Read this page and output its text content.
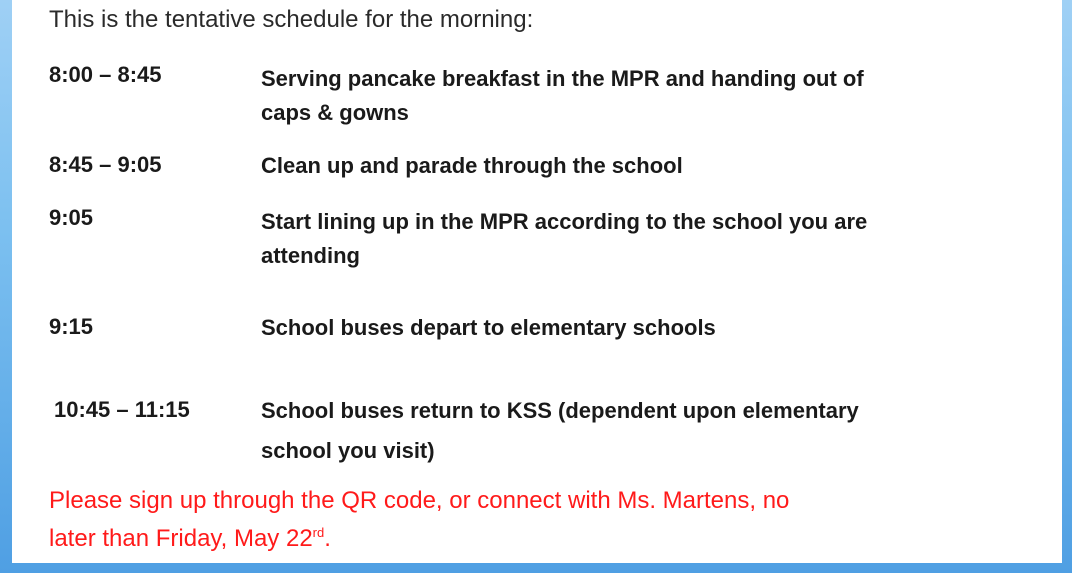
This is the tentative schedule for the morning:
8:00 – 8:45	Serving pancake breakfast in the MPR and handing out of
caps & gowns
8:45 – 9:05	Clean up and parade through the school
9:05	Start lining up in the MPR according to the school you are
attending
9:15	School buses depart to elementary schools
10:45 – 11:15	School buses return to KSS (dependent upon elementary
school you visit)
Please sign up through the QR code, or connect with Ms. Martens, no
later than Friday, May 22rd.
